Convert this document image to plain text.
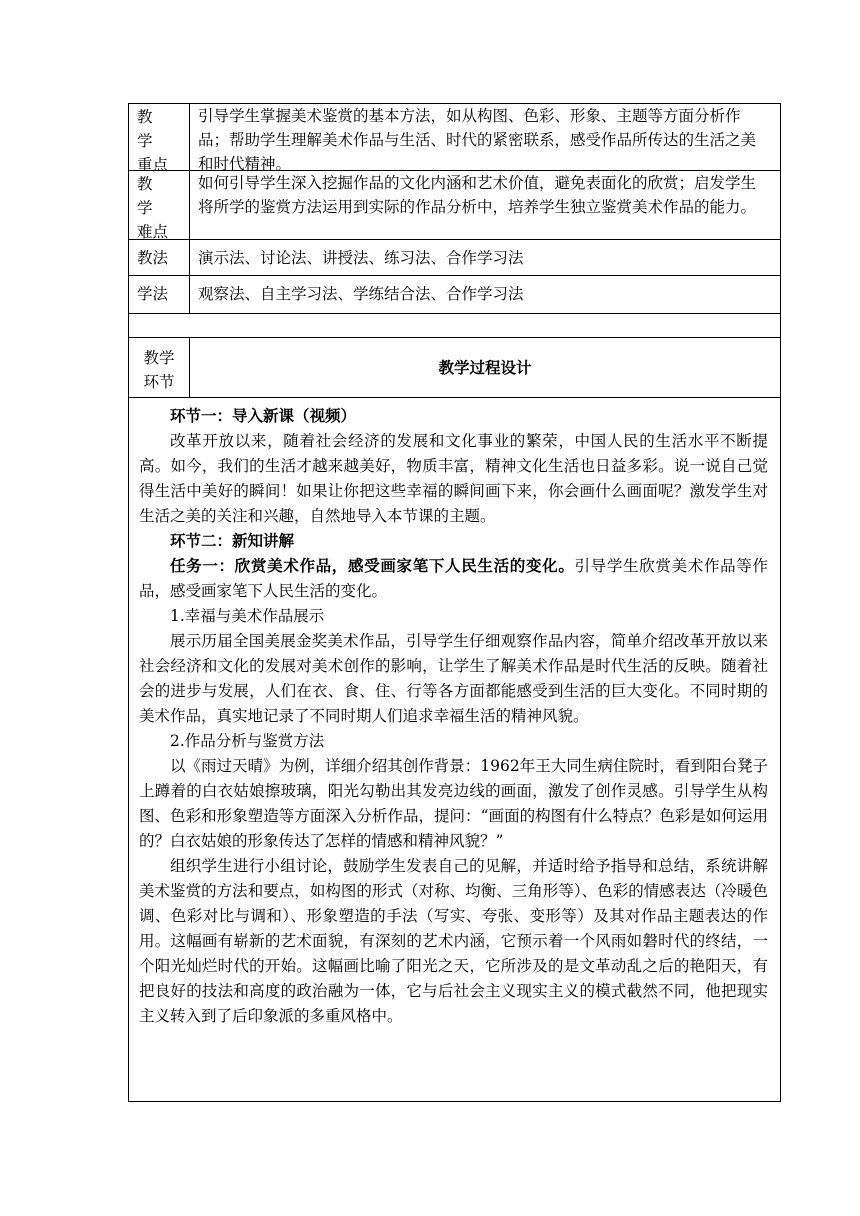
教　学
重点
引导学生掌握美术鉴赏的基本方法，如从构图、色彩、形象、主题等方面分析作品；帮助学生理解美术作品与生活、时代的紧密联系，感受作品所传达的生活之美和时代精神。
教　学
难点
如何引导学生深入挖掘作品的文化内涵和艺术价值，避免表面化的欣赏；启发学生将所学的鉴赏方法运用到实际的作品分析中，培养学生独立鉴赏美术作品的能力。
教法	演示法、讨论法、讲授法、练习法、合作学习法
学法	观察法、自主学习法、学练结合法、合作学习法
教学
环节
教学过程设计

环节一：导入新课（视频）

改革开放以来，随着社会经济的发展和文化事业的繁荣，中国人民的生活水平不断提高。如今，我们的生活才越来越美好，物质丰富，精神文化生活也日益多彩。说一说自己觉得生活中美好的瞬间！如果让你把这些幸福的瞬间画下来，你会画什么画面呢？激发学生对生活之美的关注和兴趣，自然地导入本节课的主题。

环节二：新知讲解

任务一：欣赏美术作品，感受画家笔下人民生活的变化。引导学生欣赏美术作品等作品，感受画家笔下人民生活的变化。

1.幸福与美术作品展示

展示历届全国美展金奖美术作品，引导学生仔细观察作品内容，简单介绍改革开放以来社会经济和文化的发展对美术创作的影响，让学生了解美术作品是时代生活的反映。随着社会的进步与发展，人们在衣、食、住、行等各方面都能感受到生活的巨大变化。不同时期的美术作品，真实地记录了不同时期人们追求幸福生活的精神风貌。

2.作品分析与鉴赏方法

以《雨过天晴》为例，详细介绍其创作背景：1962年王大同生病住院时，看到阳台凳子上蹲着的白衣姑娘擦玻璃，阳光勾勒出其发亮边线的画面，激发了创作灵感。引导学生从构图、色彩和形象塑造等方面深入分析作品，提问：“画面的构图有什么特点？色彩是如何运用的？白衣姑娘的形象传达了怎样的情感和精神风貌？”

组织学生进行小组讨论，鼓励学生发表自己的见解，并适时给予指导和总结，系统讲解美术鉴赏的方法和要点，如构图的形式（对称、均衡、三角形等）、色彩的情感表达（冷暖色调、色彩对比与调和）、形象塑造的手法（写实、夸张、变形等）及其对作品主题表达的作用。这幅画有崭新的艺术面貌，有深刻的艺术内涵，它预示着一个风雨如磐时代的终结，一个阳光灿烂时代的开始。这幅画比喻了阳光之天，它所涉及的是文革动乱之后的艳阳天，有把良好的技法和高度的政治融为一体，它与后社会主义现实主义的模式截然不同，他把现实主义转入到了后印象派的多重风格中。
